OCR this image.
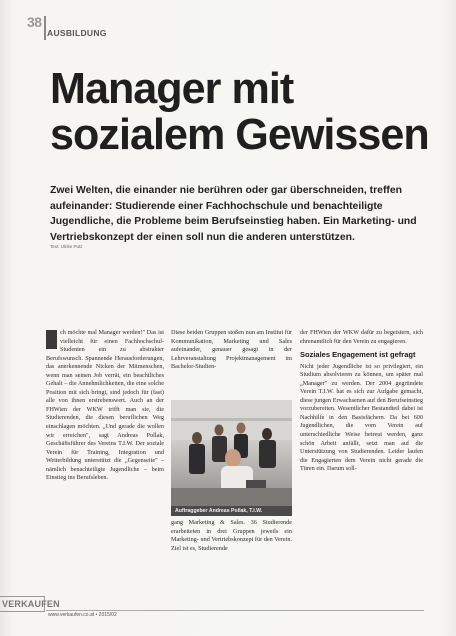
38
AUSBILDUNG
Manager mit
sozialem Gewissen
Zwei Welten, die einander nie berühren oder gar überschneiden, treffen aufeinander: Studierende einer Fachhochschule und benachteiligte Jugendliche, die Probleme beim Berufseinstieg haben. Ein Marketing- und Vertriebskonzept der einen soll nun die anderen unterstützen.
Text: Ulrike Putz

ch möchte mal Manager werden!" Das ist vielleicht für einen Fachhochschul-Studenten ein zu abstrakter Berufswunsch. Spannende Herausforderungen, das anerkennende Nicken der Mitmenschen, wenn man seinen Job verrät, ein beachtliches Gehalt – die Annehmlichkeiten, die eine solche Position mit sich bringt, sind jedoch für (fast) alle von ihnen erstrebenswert. Auch an der FHWien der WKW trifft man sie, die Studierenden, die diesen beruflichen Weg einschlagen möchten. „Und gerade die wollen wir erreichen", sagt Andreas Pollak, Geschäftsführer des Vereins T.I.W. Der soziale Verein für Training, Integration und Weiterbildung unterstützt die „Gegenseite" – nämlich benachteiligte Jugendliche – beim Einstieg ins Berufsleben.

Diese beiden Gruppen stoßen nun am Institut für Kommunikation, Marketing und Sales aufeinander, genauer gesagt in der Lehrveranstaltung Projektmanagement im Bachelor-Studien-

Auftraggeber Andreas Pollak, T.I.W.

gang Marketing & Sales. 36 Studierende erarbeiteten in drei Gruppen jeweils ein Marketing- und Vertriebskonzept für den Verein. Ziel ist es, Studierende

der FHWien der WKW dafür zu begeistern, sich ehrenamtlich für den Verein zu engagieren.

Soziales Engagement ist gefragt

Nicht jeder Jugendliche ist so privilegiert, ein Studium absolvieren zu können, um später mal „Manager" zu werden. Der 2004 gegründete Verein T.I.W. hat es sich zur Aufgabe gemacht, diese jungen Erwachsenen auf den Berufseinstieg vorzubereiten. Wesentlicher Bestandteil dabei ist Nachhilfe in den Basisfächern. Da bei 600 Jugendlichen, die vom Verein auf unterschiedliche Weise betreut werden, ganz schön Arbeit anfällt, setzt man auf die Unterstützung von Studierenden. Leider laufen die Engagierten dem Verein nicht gerade die Türen ein. Darum soll-

VERKAUFEN
www.verkaufen.co.at • 2015/02
